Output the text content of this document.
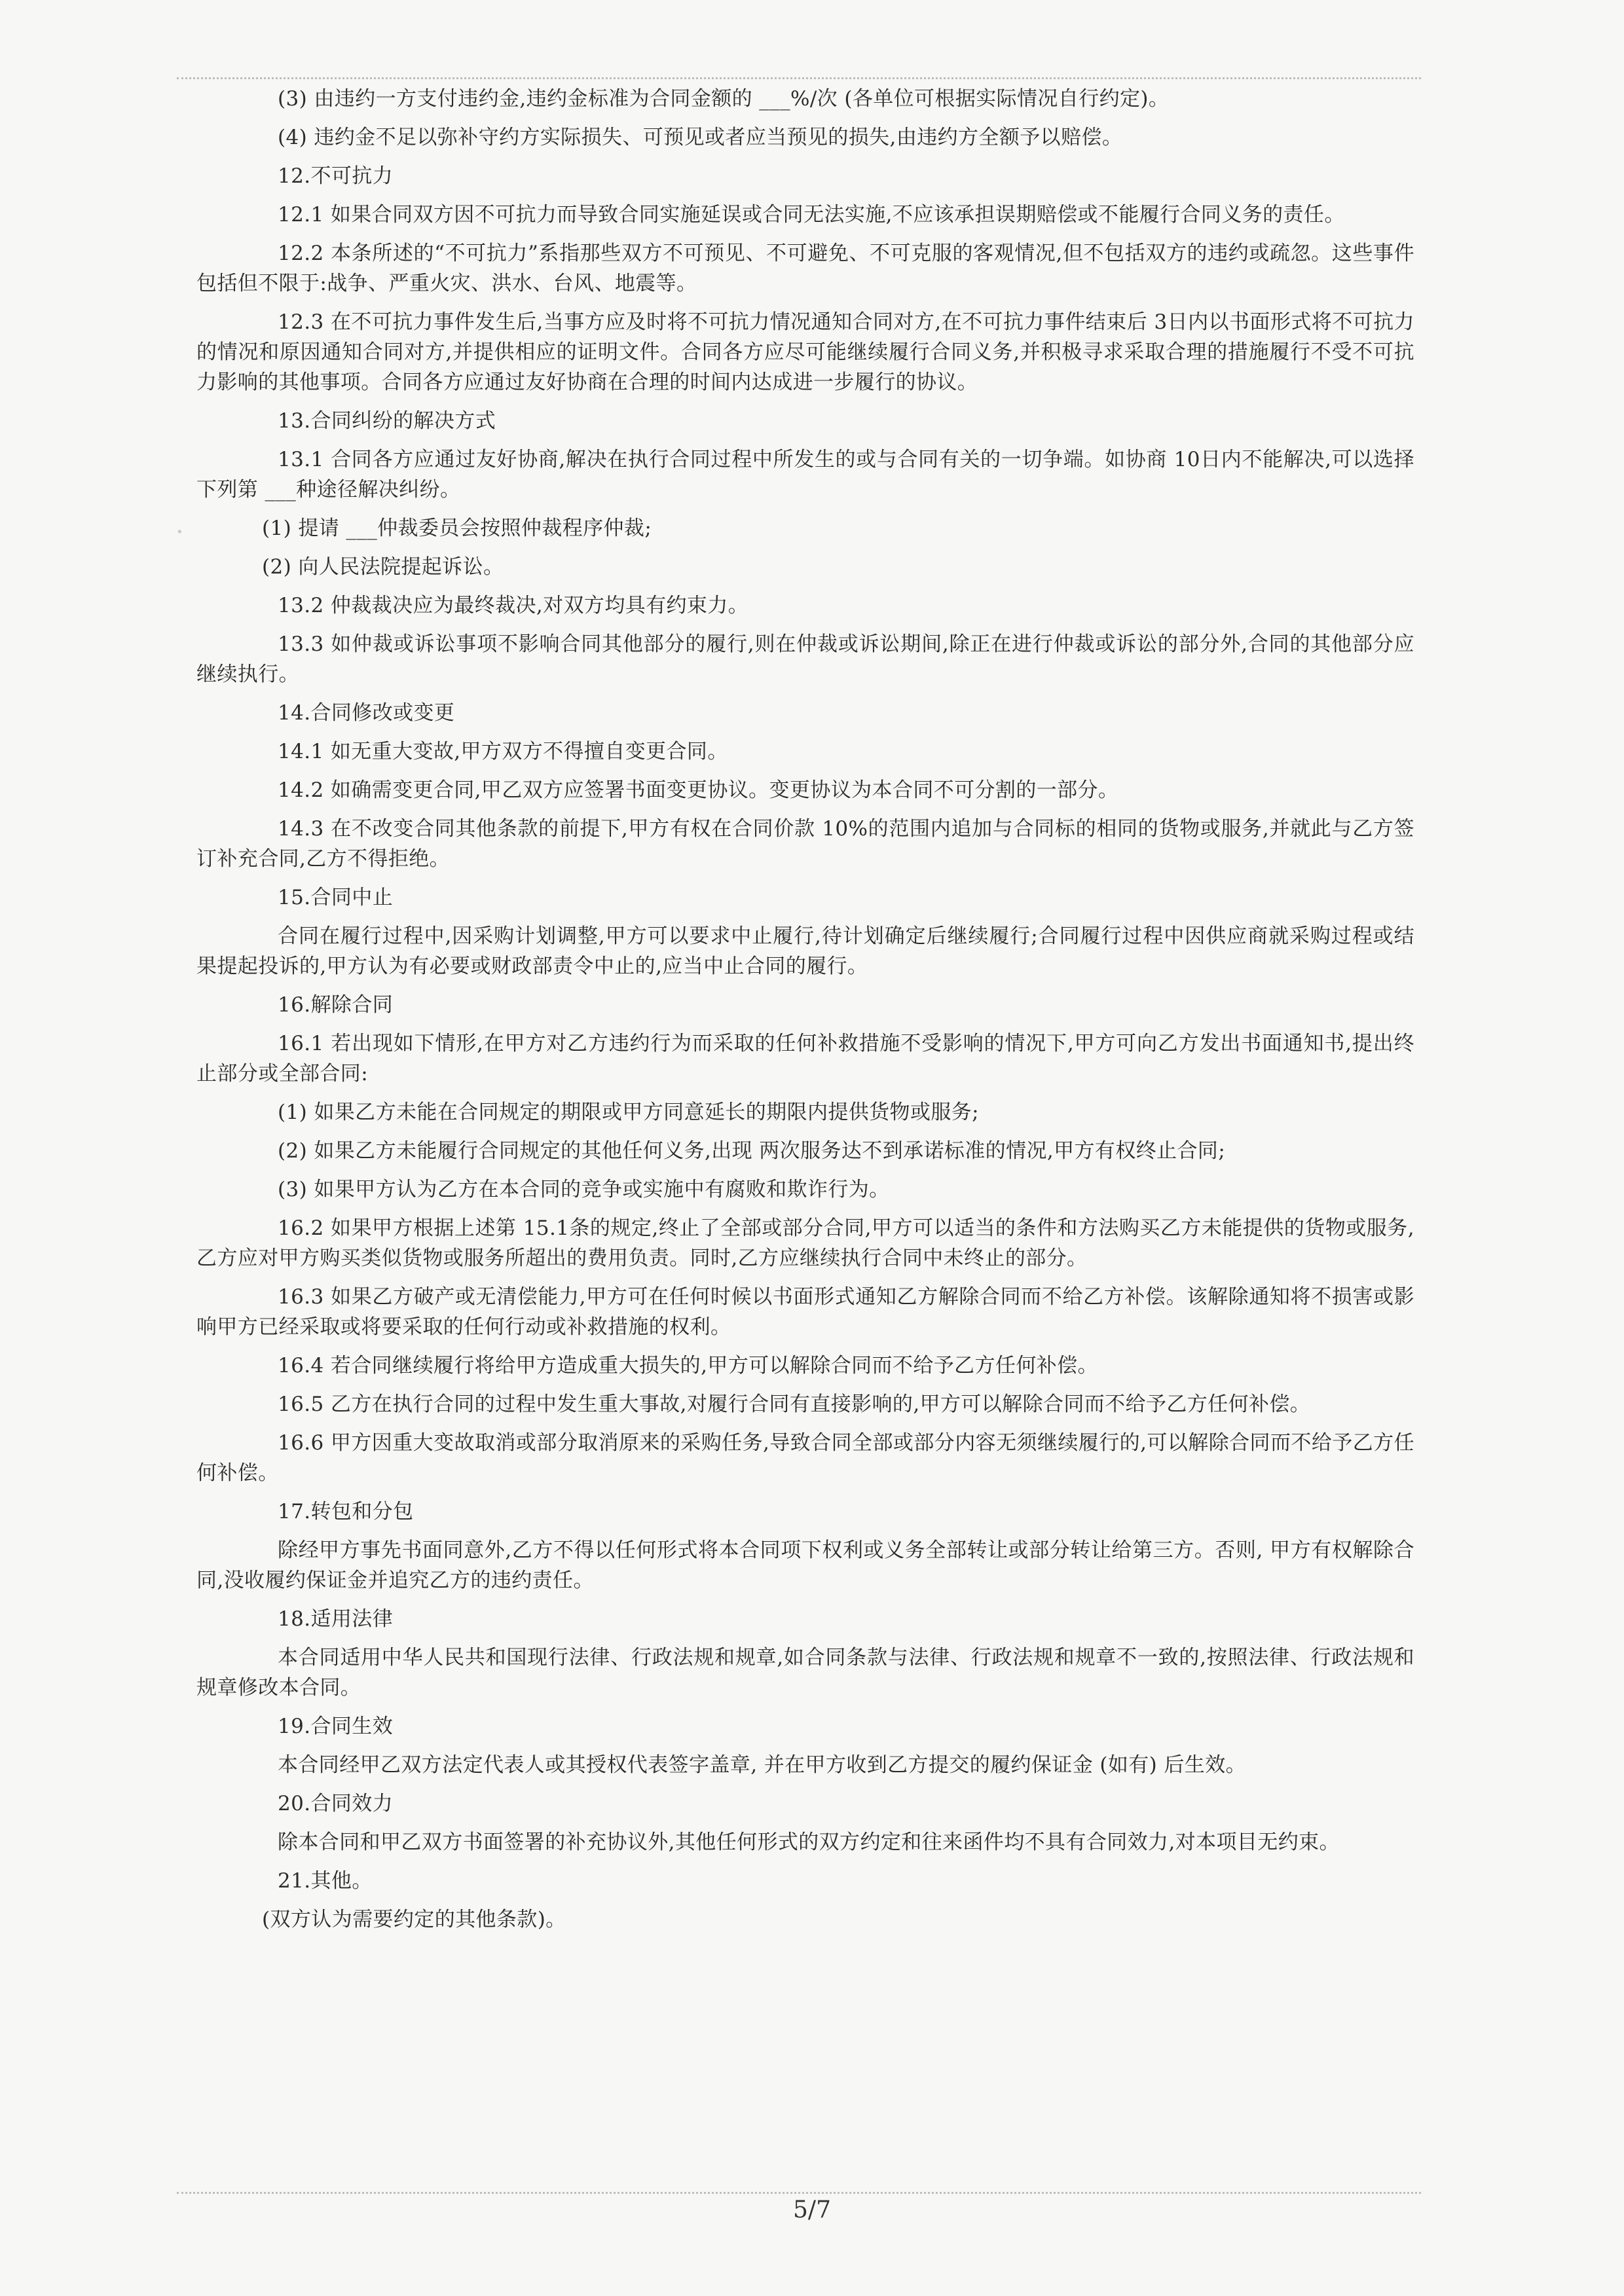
·

(3) 由违约一方支付违约金,违约金标准为合同金额的 ___%/次 (各单位可根据实际情况自行约定)。

(4) 违约金不足以弥补守约方实际损失、可预见或者应当预见的损失,由违约方全额予以赔偿。

12.不可抗力

12.1 如果合同双方因不可抗力而导致合同实施延误或合同无法实施,不应该承担误期赔偿或不能履行合同义务的责任。

12.2 本条所述的“不可抗力”系指那些双方不可预见、不可避免、不可克服的客观情况,但不包括双方的违约或疏忽。这些事件包括但不限于:战争、严重火灾、洪水、台风、地震等。

12.3 在不可抗力事件发生后,当事方应及时将不可抗力情况通知合同对方,在不可抗力事件结束后 3日内以书面形式将不可抗力的情况和原因通知合同对方,并提供相应的证明文件。合同各方应尽可能继续履行合同义务,并积极寻求采取合理的措施履行不受不可抗力影响的其他事项。合同各方应通过友好协商在合理的时间内达成进一步履行的协议。

13.合同纠纷的解决方式

13.1 合同各方应通过友好协商,解决在执行合同过程中所发生的或与合同有关的一切争端。如协商 10日内不能解决,可以选择下列第 ___种途径解决纠纷。

(1) 提请 ___仲裁委员会按照仲裁程序仲裁;

(2) 向人民法院提起诉讼。

13.2 仲裁裁决应为最终裁决,对双方均具有约束力。

13.3 如仲裁或诉讼事项不影响合同其他部分的履行,则在仲裁或诉讼期间,除正在进行仲裁或诉讼的部分外,合同的其他部分应继续执行。

14.合同修改或变更

14.1 如无重大变故,甲方双方不得擅自变更合同。

14.2 如确需变更合同,甲乙双方应签署书面变更协议。变更协议为本合同不可分割的一部分。

14.3 在不改变合同其他条款的前提下,甲方有权在合同价款 10%的范围内追加与合同标的相同的货物或服务,并就此与乙方签订补充合同,乙方不得拒绝。

15.合同中止

合同在履行过程中,因采购计划调整,甲方可以要求中止履行,待计划确定后继续履行;合同履行过程中因供应商就采购过程或结果提起投诉的,甲方认为有必要或财政部责令中止的,应当中止合同的履行。

16.解除合同

16.1 若出现如下情形,在甲方对乙方违约行为而采取的任何补救措施不受影响的情况下,甲方可向乙方发出书面通知书,提出终止部分或全部合同:

(1) 如果乙方未能在合同规定的期限或甲方同意延长的期限内提供货物或服务;

(2) 如果乙方未能履行合同规定的其他任何义务,出现 两次服务达不到承诺标准的情况,甲方有权终止合同;

(3) 如果甲方认为乙方在本合同的竞争或实施中有腐败和欺诈行为。

16.2 如果甲方根据上述第 15.1条的规定,终止了全部或部分合同,甲方可以适当的条件和方法购买乙方未能提供的货物或服务,乙方应对甲方购买类似货物或服务所超出的费用负责。同时,乙方应继续执行合同中未终止的部分。

16.3 如果乙方破产或无清偿能力,甲方可在任何时候以书面形式通知乙方解除合同而不给乙方补偿。该解除通知将不损害或影响甲方已经采取或将要采取的任何行动或补救措施的权利。

16.4 若合同继续履行将给甲方造成重大损失的,甲方可以解除合同而不给予乙方任何补偿。

16.5 乙方在执行合同的过程中发生重大事故,对履行合同有直接影响的,甲方可以解除合同而不给予乙方任何补偿。

16.6 甲方因重大变故取消或部分取消原来的采购任务,导致合同全部或部分内容无须继续履行的,可以解除合同而不给予乙方任何补偿。

17.转包和分包

除经甲方事先书面同意外,乙方不得以任何形式将本合同项下权利或义务全部转让或部分转让给第三方。否则, 甲方有权解除合同,没收履约保证金并追究乙方的违约责任。

18.适用法律

本合同适用中华人民共和国现行法律、行政法规和规章,如合同条款与法律、行政法规和规章不一致的,按照法律、行政法规和规章修改本合同。

19.合同生效

本合同经甲乙双方法定代表人或其授权代表签字盖章, 并在甲方收到乙方提交的履约保证金 (如有) 后生效。

20.合同效力

除本合同和甲乙双方书面签署的补充协议外,其他任何形式的双方约定和往来函件均不具有合同效力,对本项目无约束。

21.其他。

(双方认为需要约定的其他条款)。

5/7
